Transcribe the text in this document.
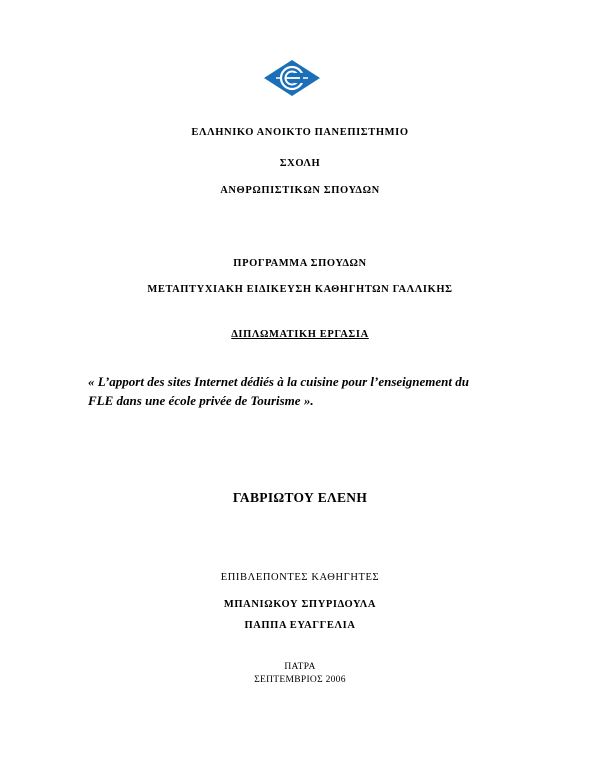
ΕΛΛΗΝΙΚΟ ΑΝΟΙΚΤΟ ΠΑΝΕΠΙΣΤΗΜΙΟ
ΣΧΟΛΗ
ΑΝΘΡΩΠΙΣΤΙΚΩΝ ΣΠΟΥΔΩΝ
ΠΡΟΓΡΑΜΜΑ ΣΠΟΥΔΩΝ
ΜΕΤΑΠΤΥΧΙΑΚΗ ΕΙΔΙΚΕΥΣΗ ΚΑΘΗΓΗΤΩΝ ΓΑΛΛΙΚΗΣ
ΔΙΠΛΩΜΑΤΙΚΗ ΕΡΓΑΣΙΑ
« L’apport des sites Internet dédiés à la cuisine pour l’enseignement du
FLE dans une école privée de Tourisme ».
ΓΑΒΡΙΩΤΟΥ ΕΛΕΝΗ
ΕΠΙΒΛΕΠΟΝΤΕΣ ΚΑΘΗΓΗΤΕΣ
ΜΠΑΝΙΩΚΟΥ ΣΠΥΡΙΔΟΥΛΑ
ΠΑΠΠΑ ΕΥΑΓΓΕΛΙΑ
ΠΑΤΡΑ
ΣΕΠΤΕΜΒΡΙΟΣ 2006
